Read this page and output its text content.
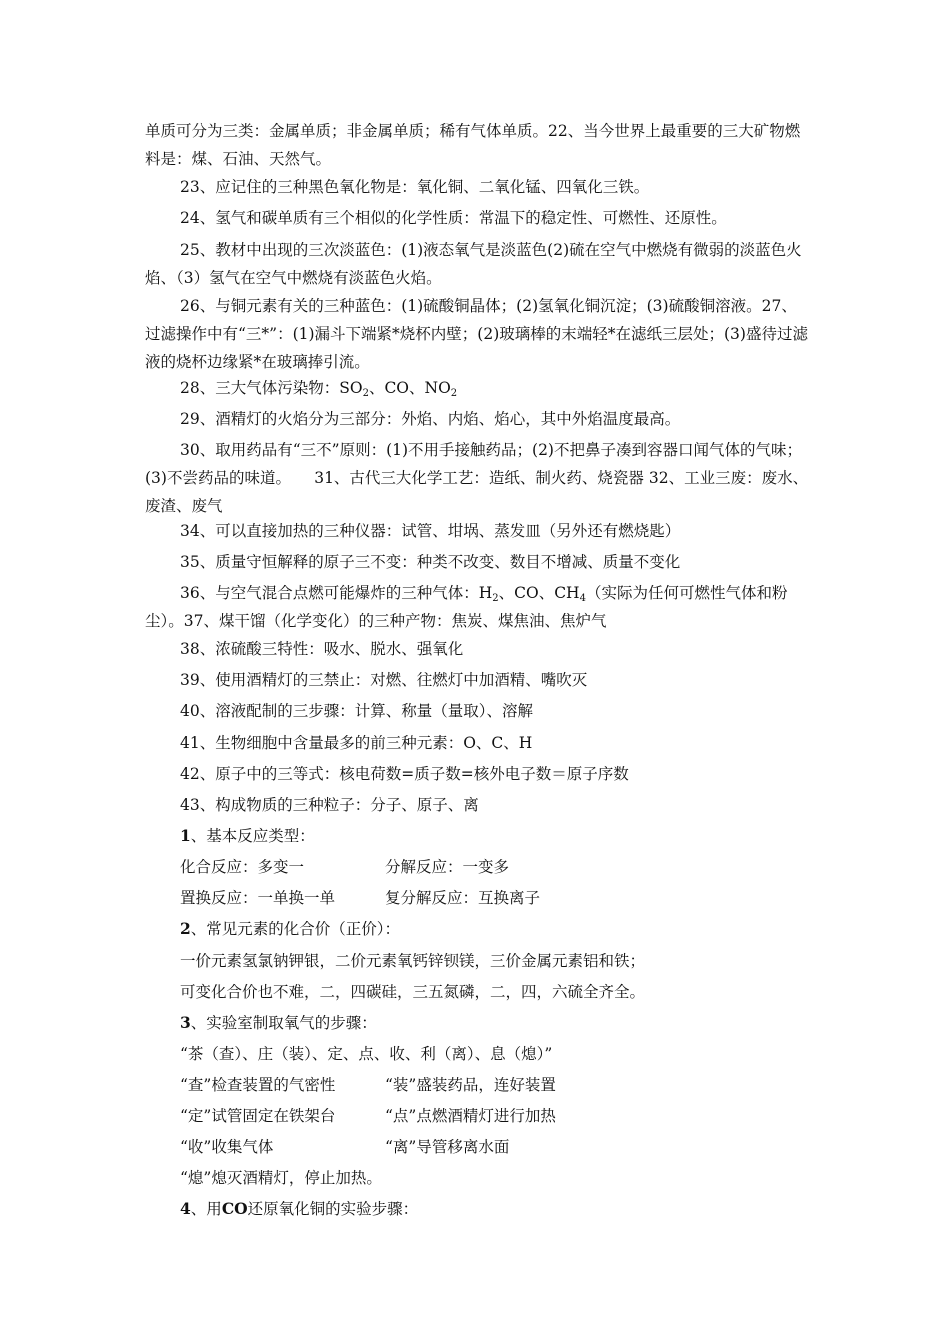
单质可分为三类：金属单质；非金属单质；稀有气体单质。22、当今世界上最重要的三大矿物燃料是：煤、石油、天然气。

23、应记住的三种黑色氧化物是：氧化铜、二氧化锰、四氧化三铁。

24、氢气和碳单质有三个相似的化学性质：常温下的稳定性、可燃性、还原性。

25、教材中出现的三次淡蓝色：(1)液态氧气是淡蓝色(2)硫在空气中燃烧有微弱的淡蓝色火焰、（3）氢气在空气中燃烧有淡蓝色火焰。

26、与铜元素有关的三种蓝色：(1)硫酸铜晶体；(2)氢氧化铜沉淀；(3)硫酸铜溶液。27、过滤操作中有“三*”：(1)漏斗下端紧*烧杯内壁；(2)玻璃棒的末端轻*在滤纸三层处；(3)盛待过滤液的烧杯边缘紧*在玻璃捧引流。

28、三大气体污染物：$SO_2$、CO、$NO_2$

29、酒精灯的火焰分为三部分：外焰、内焰、焰心，其中外焰温度最高。

30、取用药品有“三不”原则：(1)不用手接触药品；(2)不把鼻子凑到容器口闻气体的气味；(3)不尝药品的味道。　　31、古代三大化学工艺：造纸、制火药、烧瓷器 32、工业三废：废水、废渣、废气

34、可以直接加热的三种仪器：试管、坩埚、蒸发皿（另外还有燃烧匙）

35、质量守恒解释的原子三不变：种类不改变、数目不增减、质量不变化

36、与空气混合点燃可能爆炸的三种气体：$H_2$、CO、$CH_4$（实际为任何可燃性气体和粉尘）。37、煤干馏（化学变化）的三种产物：焦炭、煤焦油、焦炉气

38、浓硫酸三特性：吸水、脱水、强氧化

39、使用酒精灯的三禁止：对燃、往燃灯中加酒精、嘴吹灭

40、溶液配制的三步骤：计算、称量（量取）、溶解

41、生物细胞中含量最多的前三种元素：O、C、H

42、原子中的三等式：核电荷数=质子数=核外电子数＝原子序数

43、构成物质的三种粒子：分子、原子、离

1、基本反应类型：
化合反应：多变一	分解反应：一变多
置换反应：一单换一单	复分解反应：互换离子
2、常见元素的化合价（正价）：
一价元素氢氯钠钾银，二价元素氧钙锌钡镁，三价金属元素铝和铁；
可变化合价也不难，二，四碳硅，三五氮磷，二，四，六硫全齐全。
3、实验室制取氧气的步骤：
“茶（查）、庄（装）、定、点、收、利（离）、息（熄）”
“查”检查装置的气密性	“装”盛装药品，连好装置
“定”试管固定在铁架台	“点”点燃酒精灯进行加热
“收”收集气体	“离”导管移离水面
“熄”熄灭酒精灯，停止加热。
4、用CO还原氧化铜的实验步骤：
